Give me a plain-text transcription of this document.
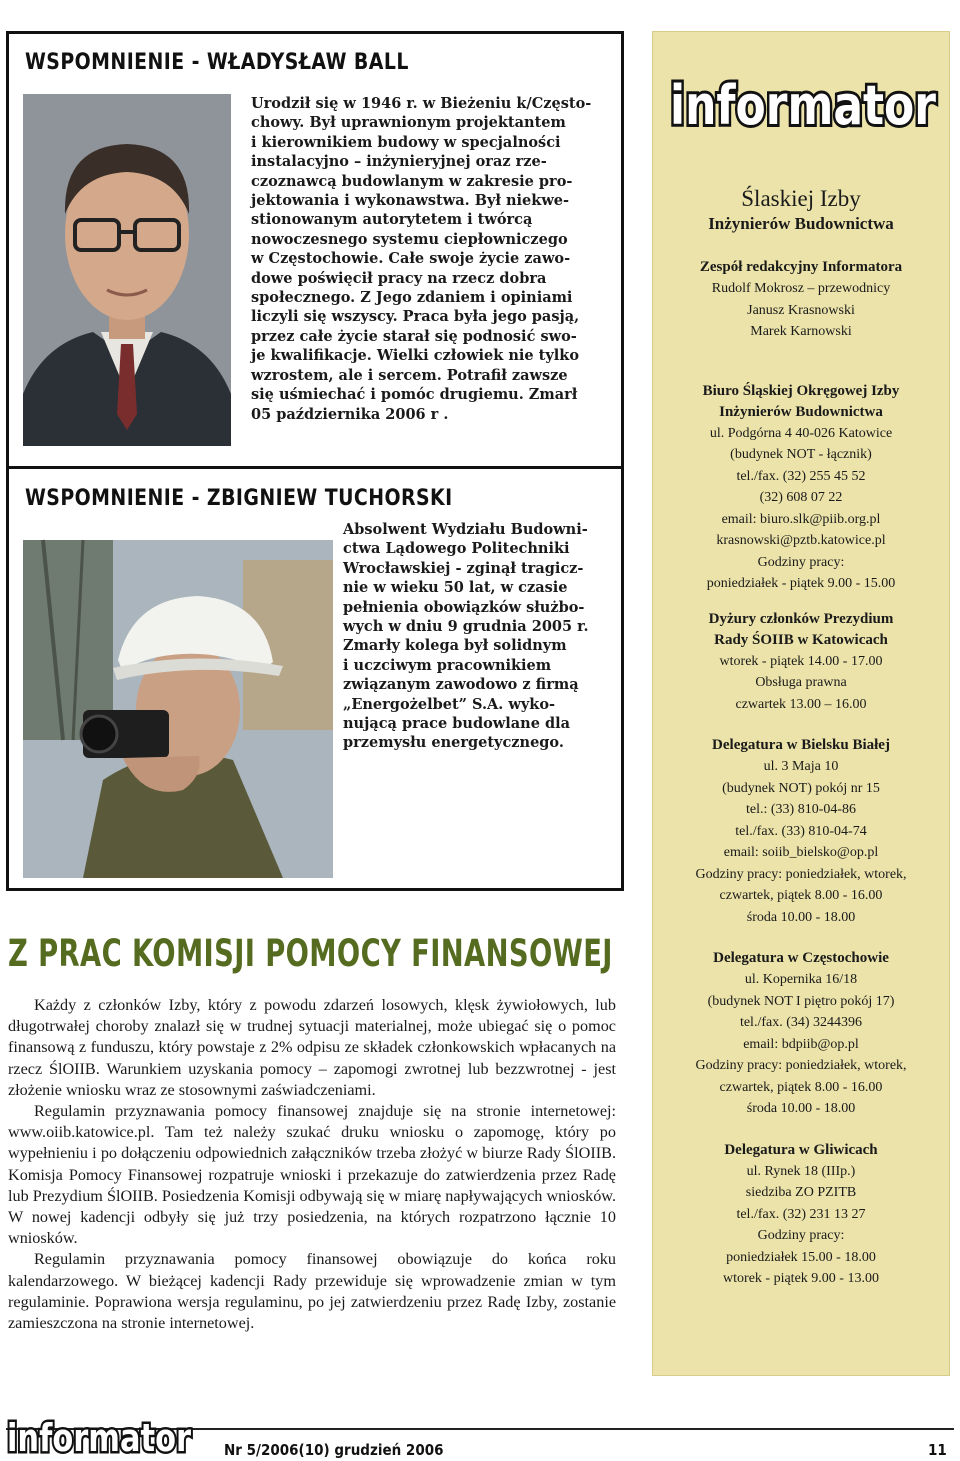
WSPOMNIENIE - WŁADYSŁAW BALL
Urodził się w 1946 r. w Bieżeniu k/Często-
chowy. Był uprawnionym projektantem
i kierownikiem budowy w specjalności
instalacyjno – inżynieryjnej oraz rze-
czoznawcą budowlanym w zakresie pro-
jektowania i wykonawstwa. Był niekwe-
stionowanym autorytetem i twórcą
nowoczesnego systemu ciepłowniczego
w Częstochowie. Całe swoje życie zawo-
dowe poświęcił pracy na rzecz dobra
społecznego. Z Jego zdaniem i opiniami
liczyli się wszyscy. Praca była jego pasją,
przez całe życie starał się podnosić swo-
je kwalifikacje. Wielki człowiek nie tylko
wzrostem, ale i sercem. Potrafił zawsze
się uśmiechać i pomóc drugiemu. Zmarł
05 października 2006 r .
WSPOMNIENIE - ZBIGNIEW TUCHORSKI
Absolwent Wydziału Budowni-
ctwa Lądowego Politechniki
Wrocławskiej - zginął tragicz-
nie w wieku 50 lat, w czasie
pełnienia obowiązków służbo-
wych w dniu 9 grudnia 2005 r.
Zmarły kolega był solidnym
i uczciwym pracownikiem
związanym zawodowo z firmą
„Energożelbet” S.A. wyko-
nującą prace budowlane dla
przemysłu energetycznego.
Z PRAC KOMISJI POMOCY FINANSOWEJ

Każdy z członków Izby, który z powodu zdarzeń losowych, klęsk żywiołowych, lub długotrwałej choroby znalazł się w trudnej sytuacji materialnej, może ubiegać się o pomoc finansową z funduszu, który powstaje z 2% odpisu ze składek członkowskich wpłacanych na rzecz ŚlOIIB. Warunkiem uzyskania pomocy – zapomogi zwrotnej lub bezzwrotnej - jest złożenie wniosku wraz ze stosownymi zaświadczeniami.

Regulamin przyznawania pomocy finansowej znajduje się na stronie internetowej: www.oiib.katowice.pl. Tam też należy szukać druku wniosku o zapomogę, który po wypełnieniu i po dołączeniu odpowiednich załączników trzeba złożyć w biurze Rady ŚlOIIB. Komisja Pomocy Finansowej rozpatruje wnioski i przekazuje do zatwierdzenia przez Radę lub Prezydium ŚlOIIB. Posiedzenia Komisji odbywają się w miarę napływających wniosków. W nowej kadencji odbyły się już trzy posiedzenia, na których rozpatrzono łącznie 10 wniosków.

Regulamin przyznawania pomocy finansowej obowiązuje do końca roku kalendarzowego. W bieżącej kadencji Rady przewiduje się wprowadzenie zmian w tym regulaminie. Poprawiona wersja regulaminu, po jej zatwierdzeniu przez Radę Izby, zostanie zamieszczona na stronie internetowej.

informator
Ślaskiej Izby
Inżynierów Budownictwa
Zespół redakcyjny Informatora
Rudolf Mokrosz – przewodnicy
Janusz Krasnowski
Marek Karnowski
Biuro Śląskiej Okręgowej Izby
Inżynierów Budownictwa
ul. Podgórna 4 40-026 Katowice
(budynek NOT - łącznik)
tel./fax. (32) 255 45 52
(32) 608 07 22
email: biuro.slk@piib.org.pl
krasnowski@pztb.katowice.pl
Godziny pracy:
poniedziałek - piątek 9.00 - 15.00
Dyżury członków Prezydium
Rady ŚOIIB w Katowicach
wtorek - piątek 14.00 - 17.00
Obsługa prawna
czwartek 13.00 – 16.00
Delegatura w Bielsku Białej
ul. 3 Maja 10
(budynek NOT) pokój nr 15
tel.: (33) 810-04-86
tel./fax. (33) 810-04-74
email: soiib_bielsko@op.pl
Godziny pracy: poniedziałek, wtorek,
czwartek, piątek 8.00 - 16.00
środa 10.00 - 18.00
Delegatura w Częstochowie
ul. Kopernika 16/18
(budynek NOT I piętro pokój 17)
tel./fax. (34) 3244396
email: bdpiib@op.pl
Godziny pracy: poniedziałek, wtorek,
czwartek, piątek 8.00 - 16.00
środa 10.00 - 18.00
Delegatura w Gliwicach
ul. Rynek 18 (IIIp.)
siedziba ZO PZITB
tel./fax. (32) 231 13 27
Godziny pracy:
poniedziałek 15.00 - 18.00
wtorek - piątek 9.00 - 13.00
informator Nr 5/2006(10) grudzień 2006	11
